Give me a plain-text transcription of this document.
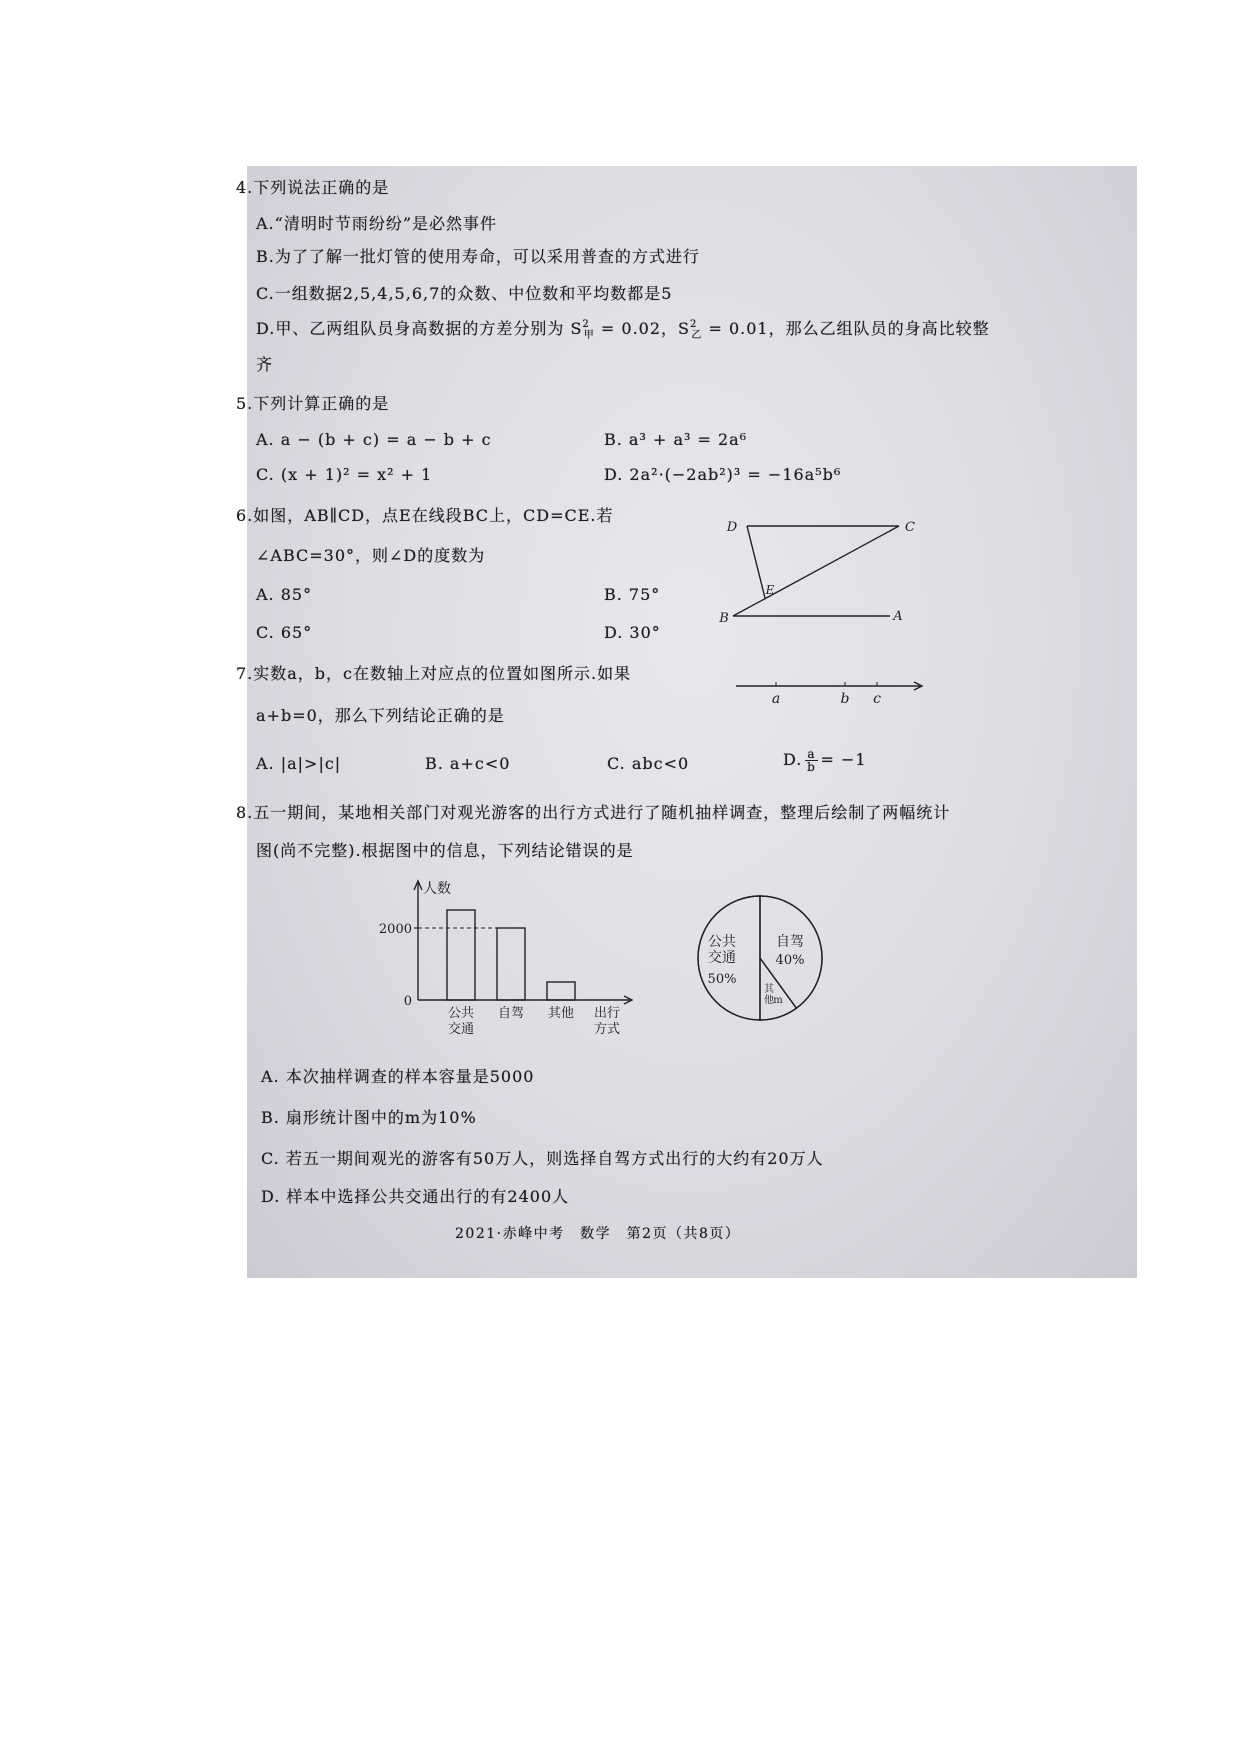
4.下列说法正确的是
A.“清明时节雨纷纷”是必然事件
B.为了了解一批灯管的使用寿命，可以采用普查的方式进行
C.一组数据2,5,4,5,6,7的众数、中位数和平均数都是5
D.甲、乙两组队员身高数据的方差分别为 $S^2_甲 = 0.02$，$S^2_乙 = 0.01$，那么乙组队员的身高比较整
齐
5.下列计算正确的是
A. a − (b + c) = a − b + c	B. a³ + a³ = 2a⁶
C. (x + 1)² = x² + 1	D. 2a²·(−2ab²)³ = −16a⁵b⁶
6.如图，AB∥CD，点E在线段BC上，CD=CE.若
∠ABC=30°，则∠D的度数为
A. 85°	B. 75°
C. 65°	D. 30°
D	C
E
B	A
7.实数a，b，c在数轴上对应点的位置如图所示.如果
a+b=0，那么下列结论正确的是
A. |a|>|c|	B. a+c<0	C. abc<0	D. $\frac{a}{b} = -1$
a	b c
8.五一期间，某地相关部门对观光游客的出行方式进行了随机抽样调查，整理后绘制了两幅统计
图(尚不完整).根据图中的信息，下列结论错误的是
人数
0
2000
公共
交通
自驾 其他 出行
方式
自驾
40%
其
他 m
公共
交通
50%
A. 本次抽样调查的样本容量是5000
B. 扇形统计图中的m为10%
C. 若五一期间观光的游客有50万人，则选择自驾方式出行的大约有20万人
D. 样本中选择公共交通出行的有2400人
2021·赤峰中考　数学　第2页（共8页）
